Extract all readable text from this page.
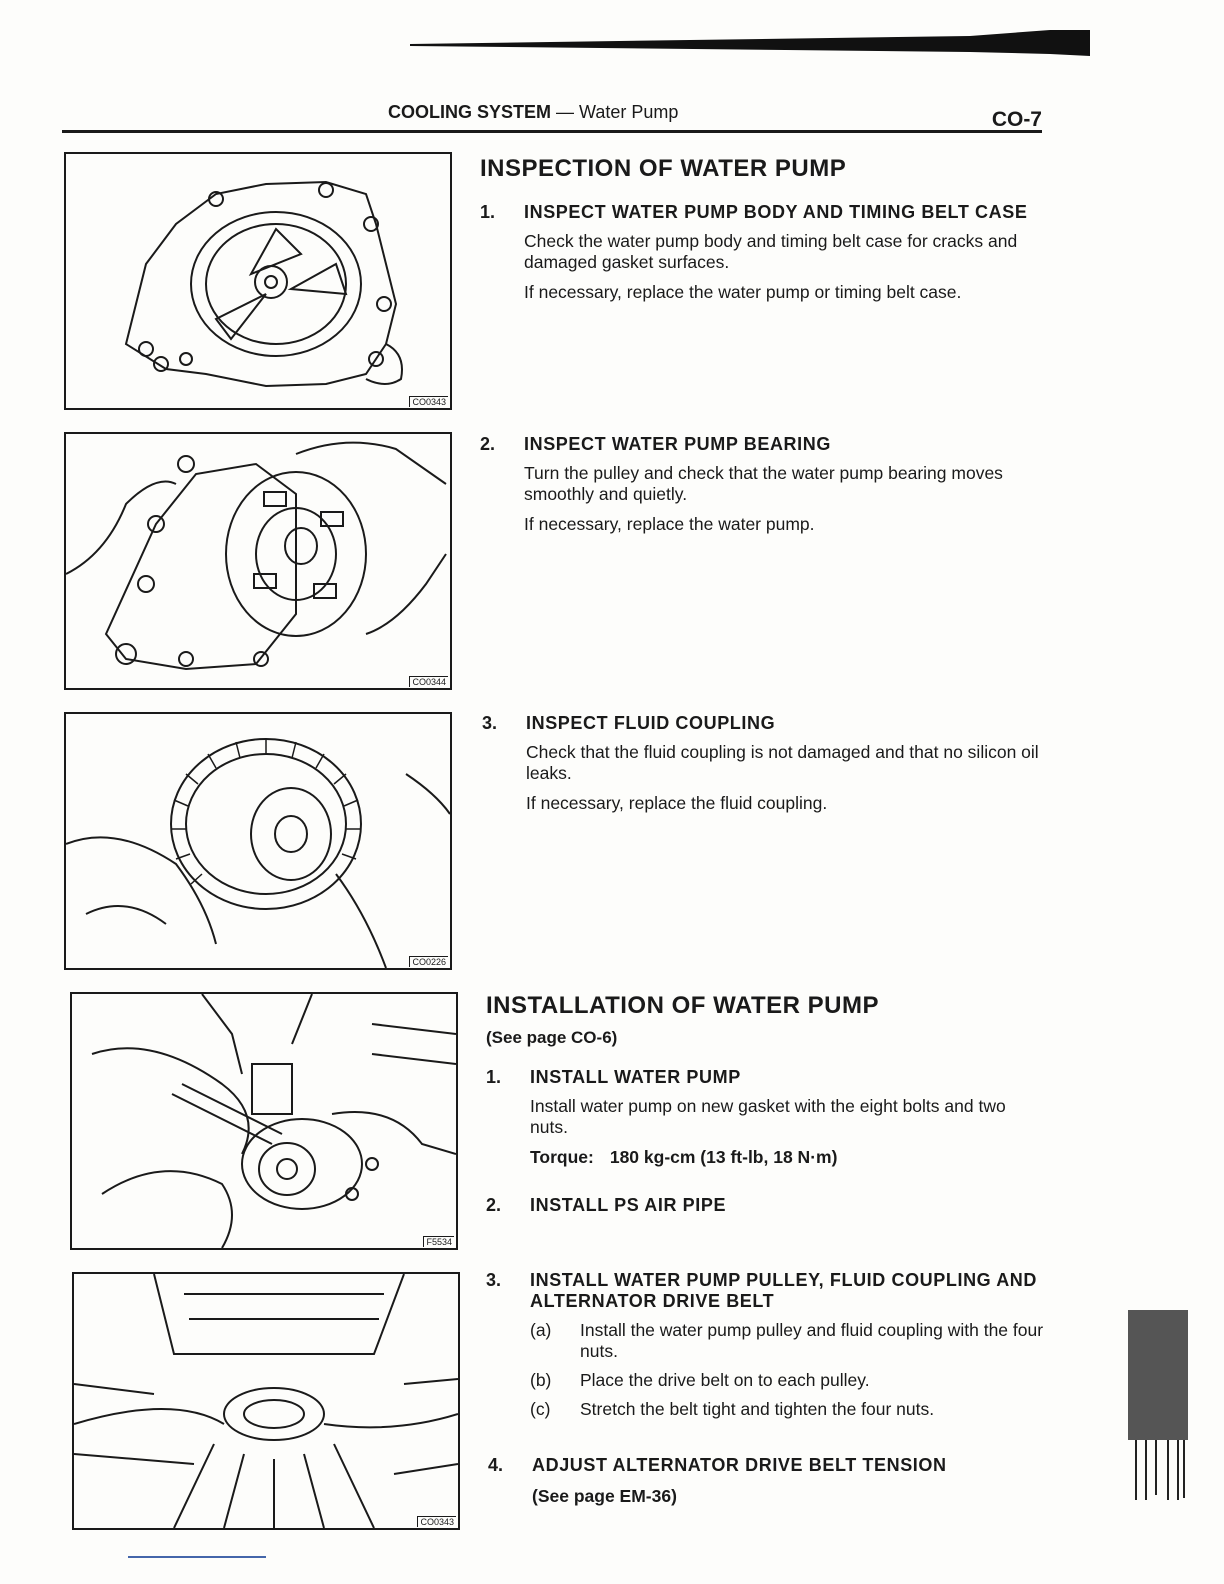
COOLING SYSTEM — Water Pump	CO-7
CO0343
CO0344
CO0226
F5534
CO0343
INSPECTION OF WATER PUMP
1. INSPECT WATER PUMP BODY AND TIMING BELT CASE

Check the water pump body and timing belt case for cracks and damaged gasket surfaces.

If necessary, replace the water pump or timing belt case.

2. INSPECT WATER PUMP BEARING

Turn the pulley and check that the water pump bearing moves smoothly and quietly.

If necessary, replace the water pump.

3. INSPECT FLUID COUPLING

Check that the fluid coupling is not damaged and that no silicon oil leaks.

If necessary, replace the fluid coupling.

INSTALLATION OF WATER PUMP
(See page CO-6)
1. INSTALL WATER PUMP

Install water pump on new gasket with the eight bolts and two nuts.

Torque: 180 kg-cm (13 ft-lb, 18 N·m)

2. INSTALL PS AIR PIPE
3. INSTALL WATER PUMP PULLEY, FLUID COUPLING AND ALTERNATOR DRIVE BELT
(a) Install the water pump pulley and fluid coupling with the four nuts.
(b) Place the drive belt on to each pulley.
(c) Stretch the belt tight and tighten the four nuts.
4. ADJUST ALTERNATOR DRIVE BELT TENSION
(See page EM-36)
